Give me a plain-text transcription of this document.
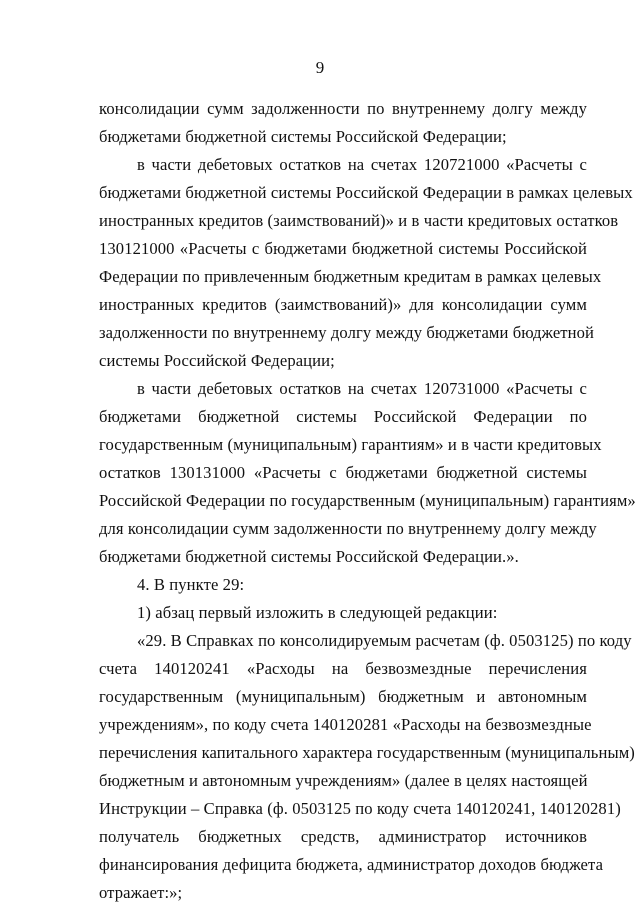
9
консолидации сумм задолженности по внутреннему долгу между
бюджетами бюджетной системы Российской Федерации;
в части дебетовых остатков на счетах 120721000 «Расчеты с
бюджетами бюджетной системы Российской Федерации в рамках целевых
иностранных кредитов (заимствований)» и в части кредитовых остатков
130121000 «Расчеты с бюджетами бюджетной системы Российской
Федерации по привлеченным бюджетным кредитам в рамках целевых
иностранных кредитов (заимствований)» для консолидации сумм
задолженности по внутреннему долгу между бюджетами бюджетной
системы Российской Федерации;
в части дебетовых остатков на счетах 120731000 «Расчеты с
бюджетами бюджетной системы Российской Федерации по
государственным (муниципальным) гарантиям» и в части кредитовых
остатков 130131000 «Расчеты с бюджетами бюджетной системы
Российской Федерации по государственным (муниципальным) гарантиям»
для консолидации сумм задолженности по внутреннему долгу между
бюджетами бюджетной системы Российской Федерации.».
4. В пункте 29:
1) абзац первый изложить в следующей редакции:
«29. В Справках по консолидируемым расчетам (ф. 0503125) по коду
счета 140120241 «Расходы на безвозмездные перечисления
государственным (муниципальным) бюджетным и автономным
учреждениям», по коду счета 140120281 «Расходы на безвозмездные
перечисления капитального характера государственным (муниципальным)
бюджетным и автономным учреждениям» (далее в целях настоящей
Инструкции – Справка (ф. 0503125 по коду счета 140120241, 140120281)
получатель бюджетных средств, администратор источников
финансирования дефицита бюджета, администратор доходов бюджета
отражает:»;
